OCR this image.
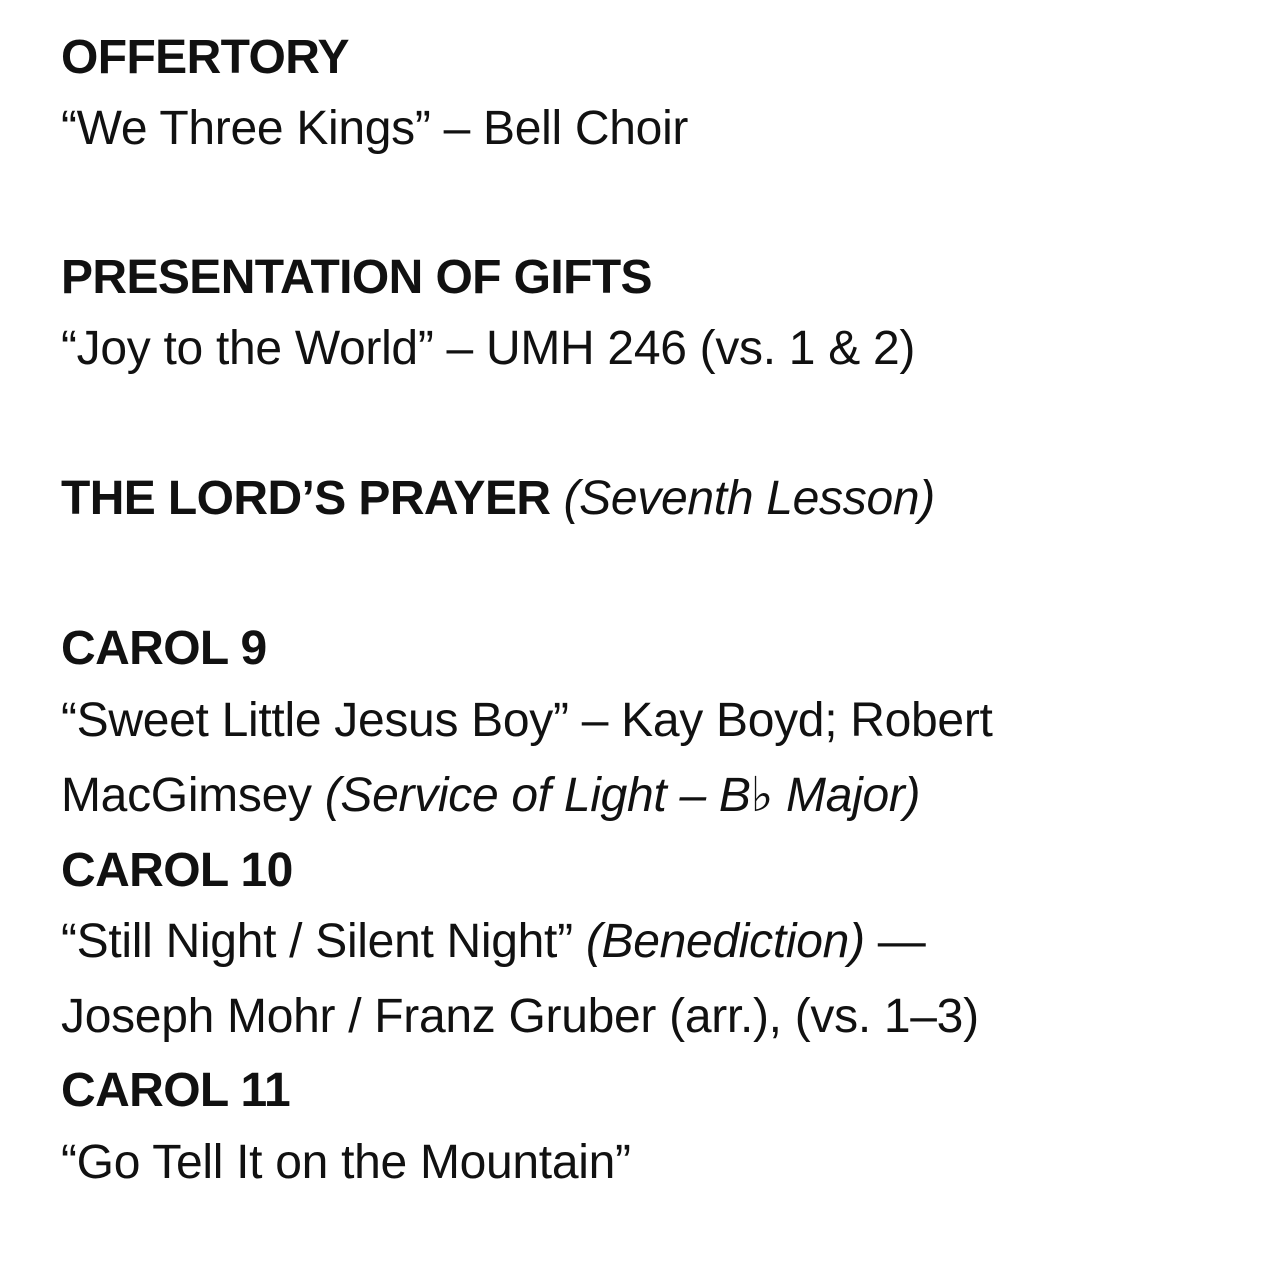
OFFERTORY
“We Three Kings” – Bell Choir
PRESENTATION OF GIFTS
“Joy to the World” – UMH 246 (vs. 1 & 2)
THE LORD’S PRAYER (Seventh Lesson)
CAROL 9
“Sweet Little Jesus Boy” – Kay Boyd; Robert
MacGimsey (Service of Light – B♭ Major)
CAROL 10
“Still Night / Silent Night” (Benediction) —
Joseph Mohr / Franz Gruber (arr.), (vs. 1–3)
CAROL 11
“Go Tell It on the Mountain”
